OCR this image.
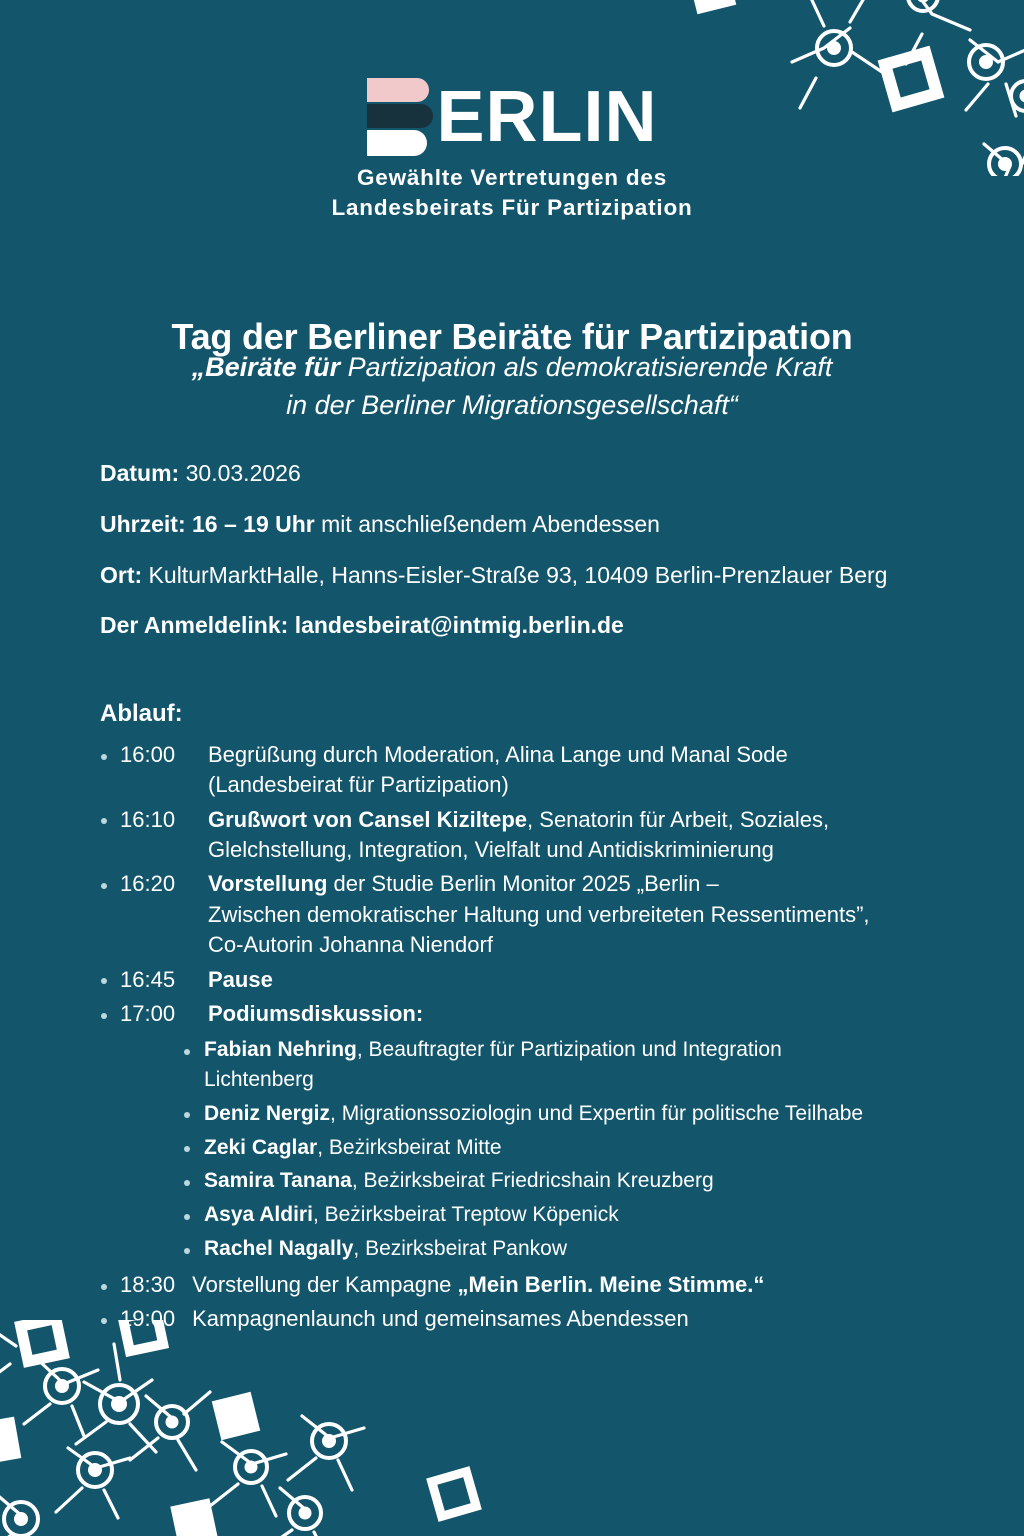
ERLIN
Gewählte Vertretungen des
Landesbeirats Für Partizipation
Tag der Berliner Beiräte für Partizipation
„Beiräte für Partizipation als demokratisierende Kraft
in der Berliner Migrationsgesellschaft“
Datum: 30.03.2026
Uhrzeit: 16 – 19 Uhr mit anschließendem Abendessen
Ort: KulturMarktHalle, Hanns-Eisler-Straße 93, 10409 Berlin-Prenzlauer Berg
Der Anmeldelink: landesbeirat@intmig.berlin.de
Ablauf:
16:00 Begrüßung durch Moderation, Alina Lange und Manal Sode
(Landesbeirat für Partizipation)
16:10 Grußwort von Cansel Kiziltepe, Senatorin für Arbeit, Soziales,
Glelchstellung, Integration, Vielfalt und Antidiskriminierung
16:20 Vorstellung der Studie Berlin Monitor 2025 „Berlin –
Zwischen demokratischer Haltung und verbreiteten Ressentiments”,
Co-Autorin Johanna Niendorf
16:45 Pause
17:00 Podiumsdiskussion:
Fabian Nehring, Beauftragter für Partizipation und Integration
Lichtenberg
Deniz Nergiz, Migrationssoziologin und Expertin für politische Teilhabe
Zeki Caglar, Beżirksbeirat Mitte
Samira Tanana, Beżirksbeirat Friedricshain Kreuzberg
Asya Aldiri, Beżirksbeirat Treptow Köpenick
Rachel Nagally, Bezirksbeirat Pankow
18:30 Vorstellung der Kampagne „Mein Berlin. Meine Stimme.“
19:00 Kampagnenlaunch und gemeinsames Abendessen
